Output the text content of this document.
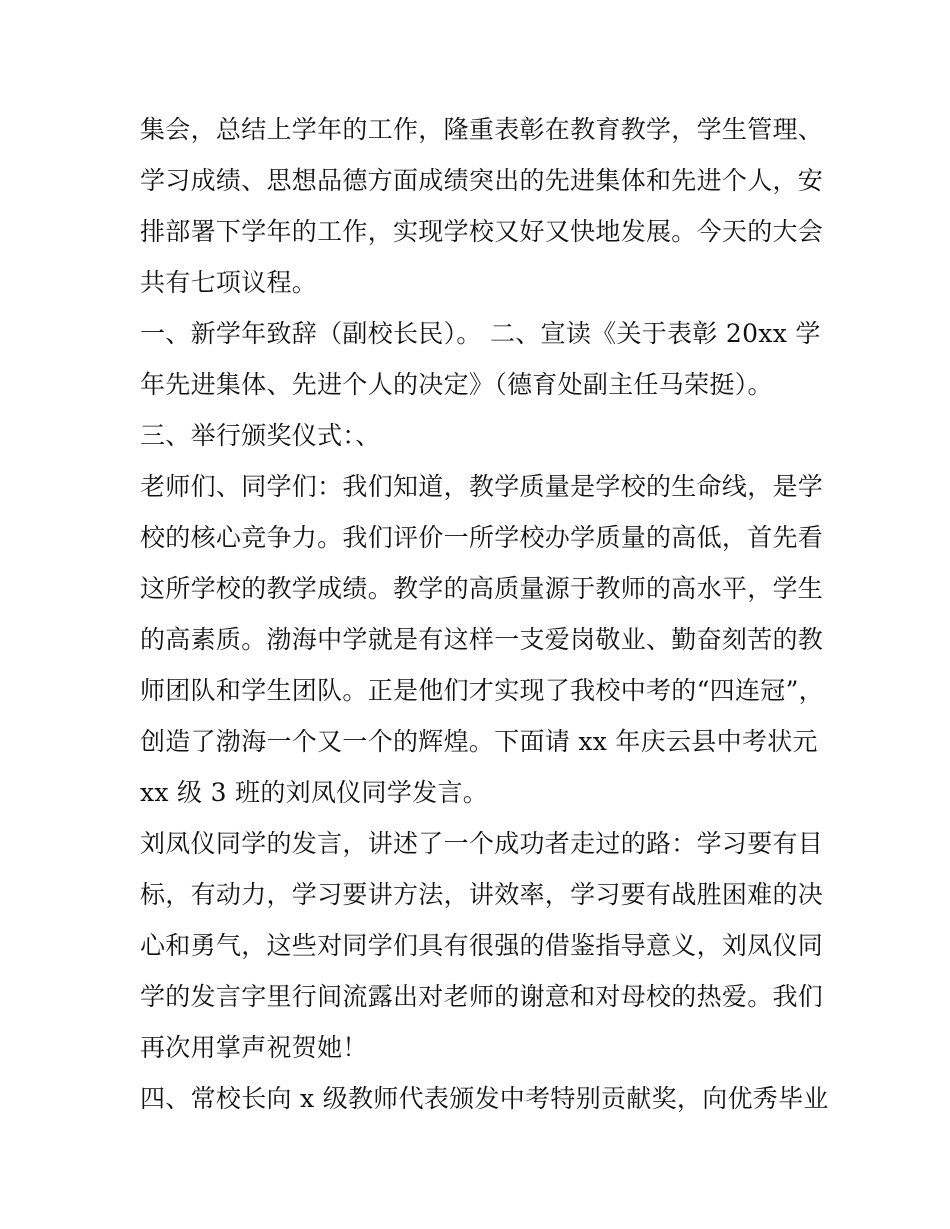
集会，总结上学年的工作，隆重表彰在教育教学，学生管理、
学习成绩、思想品德方面成绩突出的先进集体和先进个人，安
排部署下学年的工作，实现学校又好又快地发展。今天的大会
共有七项议程。
一、新学年致辞（副校长民）。 二、宣读《关于表彰 20xx 学
年先进集体、先进个人的决定》（德育处副主任马荣挺）。
三、举行颁奖仪式：、
老师们、同学们：我们知道，教学质量是学校的生命线，是学
校的核心竞争力。我们评价一所学校办学质量的高低，首先看
这所学校的教学成绩。教学的高质量源于教师的高水平，学生
的高素质。渤海中学就是有这样一支爱岗敬业、勤奋刻苦的教
师团队和学生团队。正是他们才实现了我校中考的“四连冠”，
创造了渤海一个又一个的辉煌。下面请 xx 年庆云县中考状元
xx 级 3 班的刘凤仪同学发言。
刘凤仪同学的发言，讲述了一个成功者走过的路：学习要有目
标，有动力，学习要讲方法，讲效率，学习要有战胜困难的决
心和勇气，这些对同学们具有很强的借鉴指导意义，刘凤仪同
学的发言字里行间流露出对老师的谢意和对母校的热爱。我们
再次用掌声祝贺她！
四、常校长向 x 级教师代表颁发中考特别贡献奖，向优秀毕业
